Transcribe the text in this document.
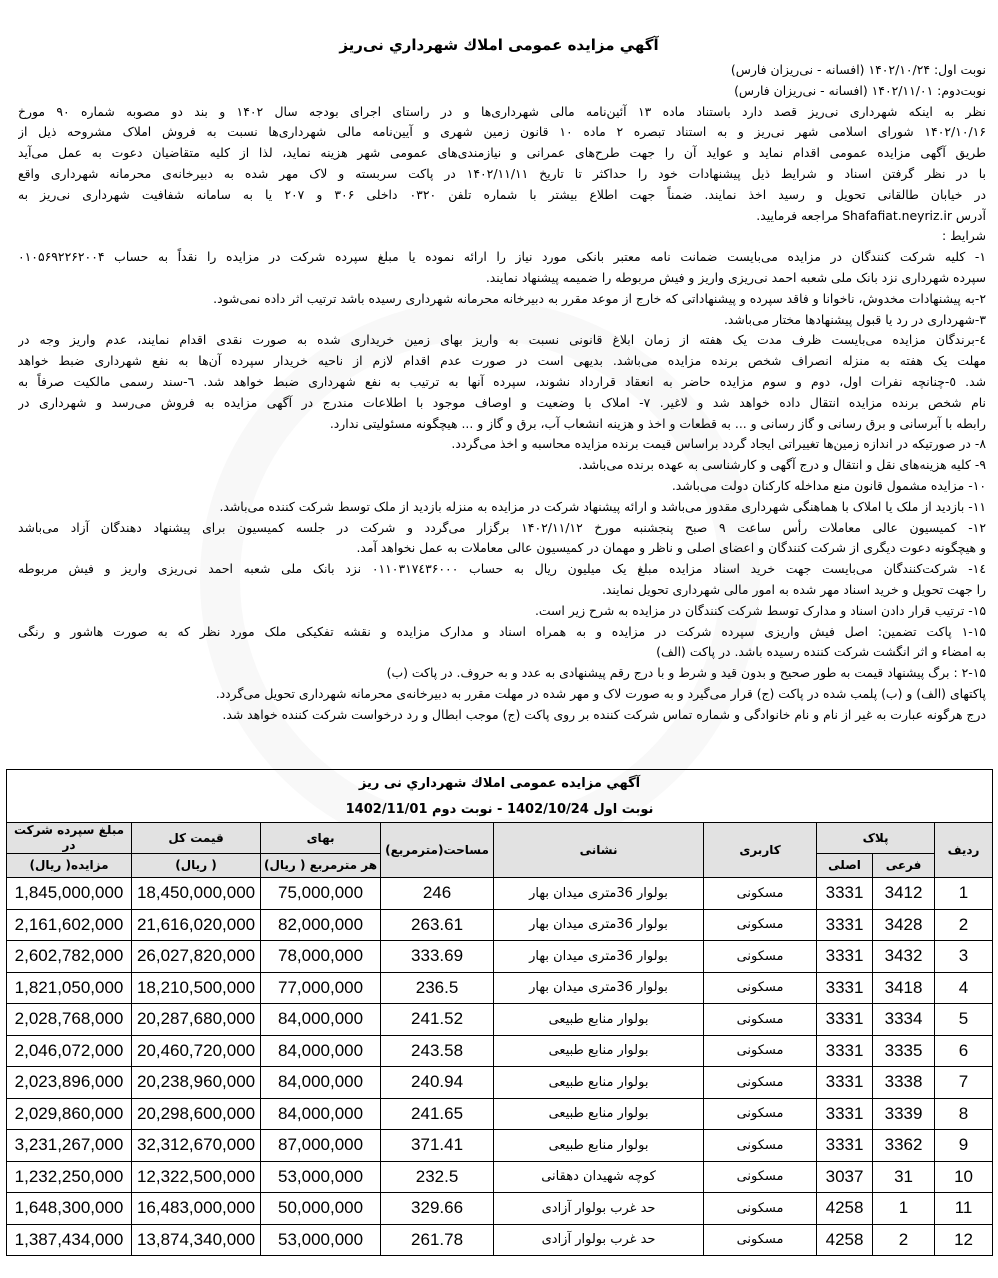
آگهي مزايده عمومی املاك شهرداري نی‌ريز
نوبت اول: ۱۴۰۲/۱۰/۲۴ (افسانه - نی‌ريزان فارس)
نوبت‌دوم: ۱۴۰۲/۱۱/۰۱ (افسانه - نی‌ريزان فارس)
نظر به اینکه شهرداری نی‌ریز قصد دارد باستناد ماده ۱۳ آئین‌نامه مالی شهرداری‌ها و در راستای اجرای بودجه سال ۱۴۰۲ و بند دو مصوبه شماره ۹۰ مورخ
۱۴۰۲/۱۰/۱۶ شورای اسلامی شهر نی‌ریز و به استناد تبصره ۲ ماده ۱۰ قانون زمین شهری و آیین‌نامه مالی شهرداری‌ها نسبت به فروش املاک مشروحه ذیل از
طریق آگهی مزایده عمومی اقدام نماید و عواید آن را جهت طرح‌های عمرانی و نیازمندی‌های عمومی شهر هزینه نماید، لذا از کلیه متقاضیان دعوت به عمل می‌آید
با در نظر گرفتن اسناد و شرایط ذیل پیشنهادات خود را حداکثر تا تاریخ ۱۴۰۲/۱۱/۱۱ در پاکت سربسته و لاک مهر شده به دبیرخانه‌ی محرمانه شهرداری واقع
در خیابان طالقانی تحویل و رسید اخذ نمایند. ضمناً جهت اطلاع بیشتر با شماره تلفن ۰۳۲۰ داخلی ۳۰۶ و ۲۰۷ یا به سامانه شفافیت شهرداری نی‌ریز به
آدرس Shafafiat.neyriz.ir مراجعه فرمایید.
شرایط :
۱- کلیه شرکت کنندگان در مزایده می‌بایست ضمانت نامه معتبر بانکی مورد نیاز را ارائه نموده یا مبلغ سپرده شرکت در مزایده را نقداً به حساب ۰۱۰۵۶۹۲۲۶۲۰۰۴
سپرده شهرداری نزد بانک ملی شعبه احمد نی‌ریزی واریز و فیش مربوطه را ضمیمه پیشنهاد نمایند.
۲-به پیشنهادات مخدوش، ناخوانا و فاقد سپرده و پیشنهاداتی که خارج از موعد مقرر به دبیرخانه محرمانه شهرداری رسیده باشد ترتیب اثر داده نمی‌شود.
۳-شهرداری در رد یا قبول پیشنهادها مختار می‌باشد.
٤-برندگان مزایده می‌بایست ظرف مدت یک هفته از زمان ابلاغ قانونی نسبت به واریز بهای زمین خریداری شده به صورت نقدی اقدام نمایند، عدم واریز وجه در
مهلت یک هفته به منزله انصراف شخص برنده مزایده می‌باشد. بدیهی است در صورت عدم اقدام لازم از ناحیه خریدار سپرده آن‌ها به نفع شهرداری ضبط خواهد
شد. ٥-چنانچه نفرات اول، دوم و سوم مزایده حاضر به انعقاد قرارداد نشوند، سپرده آنها به ترتیب به نفع شهرداری ضبط خواهد شد. ٦-سند رسمی مالکیت صرفاً به
نام شخص برنده مزایده انتقال داده خواهد شد و لاغیر. ۷- املاک با وضعیت و اوصاف موجود با اطلاعات مندرج در آگهی مزایده به فروش می‌رسد و شهرداری در
رابطه با آبرسانی و برق رسانی و گاز رسانی و ... به قطعات و اخذ و هزینه انشعاب آب، برق و گاز و ... هیچگونه مسئولیتی ندارد.
۸- در صورتیکه در اندازه زمین‌ها تغییراتی ایجاد گردد براساس قیمت برنده مزایده محاسبه و اخذ می‌گردد.
۹- کلیه هزینه‌های نقل و انتقال و درج آگهی و کارشناسی به عهده برنده می‌باشد.
۱۰- مزایده مشمول قانون منع مداخله کارکنان دولت می‌باشد.
۱۱- بازدید از ملک یا املاک با هماهنگی شهرداری مقدور می‌باشد و ارائه پیشنهاد شرکت در مزایده به منزله بازدید از ملک توسط شرکت کننده می‌باشد.
۱۲- کمیسیون عالی معاملات رأس ساعت ۹ صبح پنجشنبه مورخ ۱۴۰۲/۱۱/۱۲ برگزار می‌گردد و شرکت در جلسه کمیسیون برای پیشنهاد دهندگان آزاد می‌باشد
و هیچگونه دعوت دیگری از شرکت کنندگان و اعضای اصلی و ناظر و مهمان در کمیسیون عالی معاملات به عمل نخواهد آمد.
۱٤- شرکت‌کنندگان می‌بایست جهت خرید اسناد مزایده مبلغ یک میلیون ریال به حساب ۰۱۱۰۳۱۷٤۳۶۰۰۰ نزد بانک ملی شعبه احمد نی‌ریزی واریز و فیش مربوطه
را جهت تحویل و خرید اسناد مهر شده به امور مالی شهرداری تحویل نمایند.
۱۵- ترتیب قرار دادن اسناد و مدارک توسط شرکت کنندگان در مزایده به شرح زیر است.
۱-۱۵ پاکت تضمین: اصل فیش واریزی سپرده شرکت در مزایده و به همراه اسناد و مدارک مزایده و نقشه تفکیکی ملک مورد نظر که به صورت هاشور و رنگی
به امضاء و اثر انگشت شرکت کننده رسیده باشد. در پاکت (الف)
۲-۱۵ : برگ پیشنهاد قیمت به طور صحیح و بدون قید و شرط و با درج رقم پیشنهادی به عدد و به حروف. در پاکت (ب)
پاکتهای (الف) و (ب) پلمب شده در پاکت (ج) قرار می‌گیرد و به صورت لاک و مهر شده در مهلت مقرر به دبیرخانه‌ی محرمانه شهرداری تحویل می‌گردد.
درج هرگونه عبارت به غیر از نام و نام خانوادگی و شماره تماس شرکت کننده بر روی پاکت (ج) موجب ابطال و رد درخواست شرکت کننده خواهد شد.
آگهي مزايده عمومی املاك شهرداري نی ريز								
نوبت اول 1402/10/24 - نوبت دوم 1402/11/01								
ردیف	پلاک		کاربری	نشانی	مساحت(مترمربع)	بهای	قیمت کل	مبلغ سپرده شرکت در
	فرعی	اصلی				هر مترمربع ( ریال)	( ریال)	مزایده( ریال)
1	3412	3331	مسکونی	بولوار 36متری میدان بهار	246	75,000,000	18,450,000,000	1,845,000,000
2	3428	3331	مسکونی	بولوار 36متری میدان بهار	263.61	82,000,000	21,616,020,000	2,161,602,000
3	3432	3331	مسکونی	بولوار 36متری میدان بهار	333.69	78,000,000	26,027,820,000	2,602,782,000
4	3418	3331	مسکونی	بولوار 36متری میدان بهار	236.5	77,000,000	18,210,500,000	1,821,050,000
5	3334	3331	مسکونی	بولوار منابع طبیعی	241.52	84,000,000	20,287,680,000	2,028,768,000
6	3335	3331	مسکونی	بولوار منابع طبیعی	243.58	84,000,000	20,460,720,000	2,046,072,000
7	3338	3331	مسکونی	بولوار منابع طبیعی	240.94	84,000,000	20,238,960,000	2,023,896,000
8	3339	3331	مسکونی	بولوار منابع طبیعی	241.65	84,000,000	20,298,600,000	2,029,860,000
9	3362	3331	مسکونی	بولوار منابع طبیعی	371.41	87,000,000	32,312,670,000	3,231,267,000
10	31	3037	مسکونی	کوچه شهیدان دهقانی	232.5	53,000,000	12,322,500,000	1,232,250,000
11	1	4258	مسکونی	حد غرب بولوار آزادی	329.66	50,000,000	16,483,000,000	1,648,300,000
12	2	4258	مسکونی	حد غرب بولوار آزادی	261.78	53,000,000	13,874,340,000	1,387,434,000
